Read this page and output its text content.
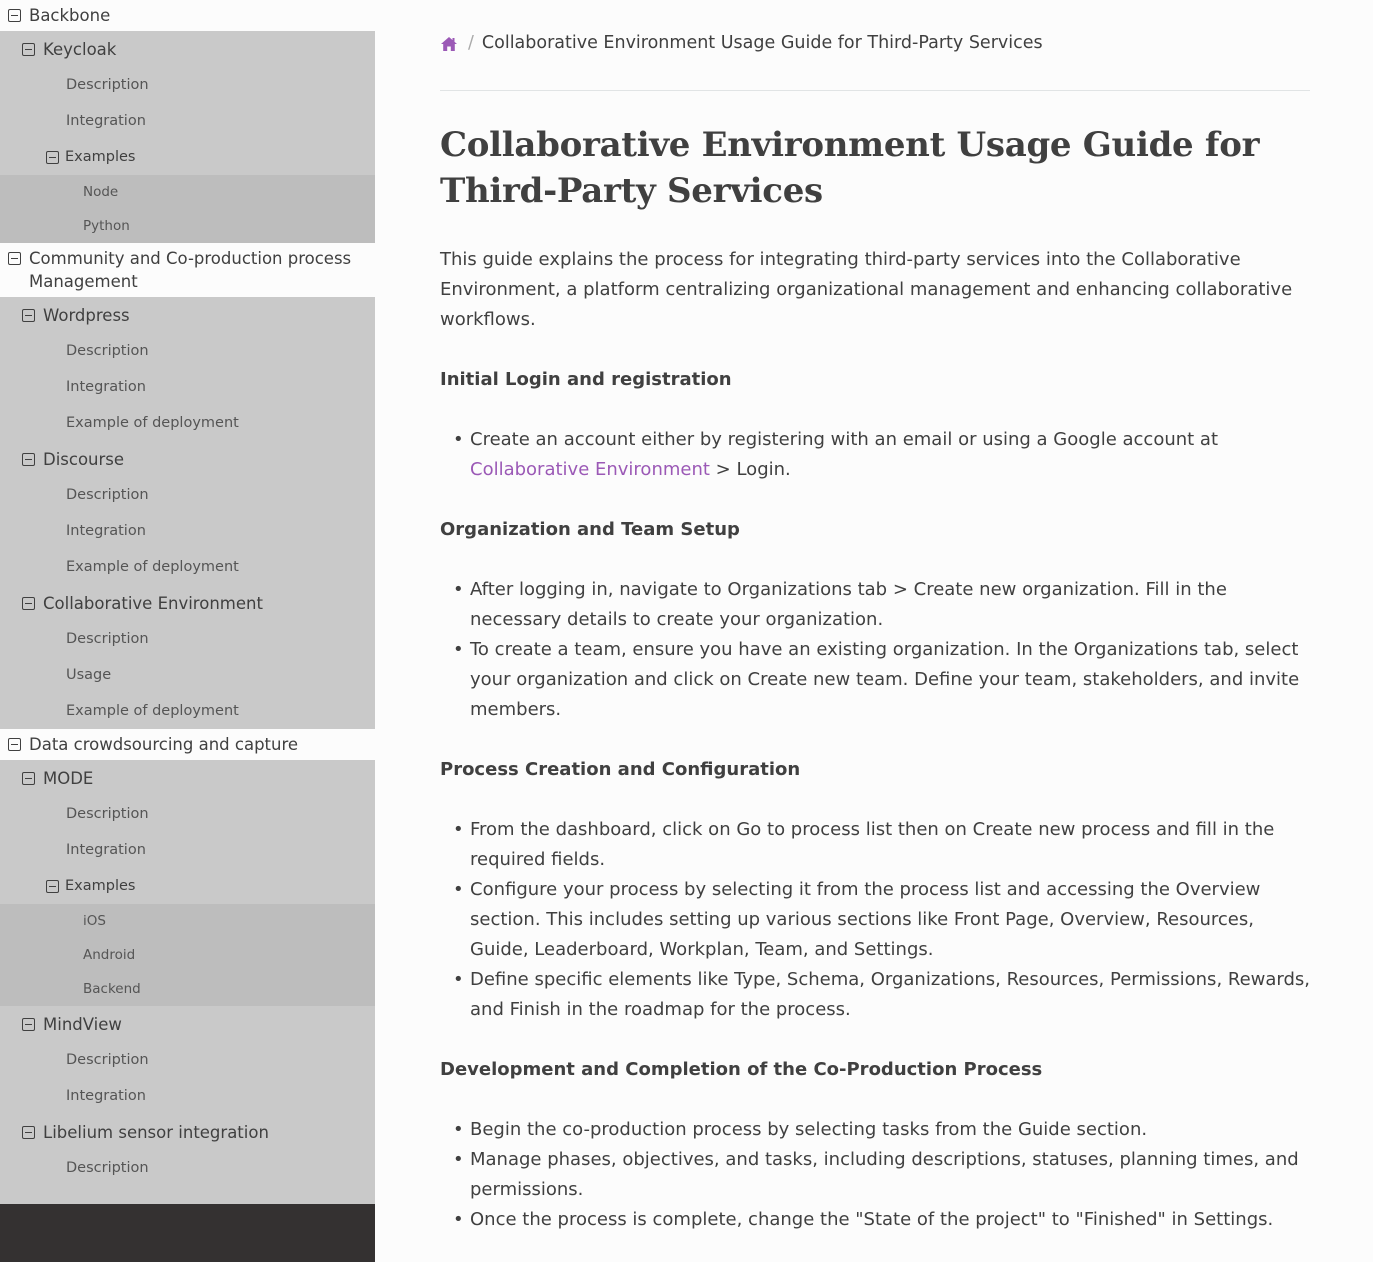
Backbone
Keycloak
Description
Integration
Examples
Node
Python
Community and Co-production process Management
Wordpress
Description
Integration
Example of deployment
Discourse
Description
Integration
Example of deployment
Collaborative Environment
Description
Usage
Example of deployment
Data crowdsourcing and capture
MODE
Description
Integration
Examples
iOS
Android
Backend
MindView
Description
Integration
Libelium sensor integration
Description
/ Collaborative Environment Usage Guide for Third-Party Services
Collaborative Environment Usage Guide for Third-Party Services

This guide explains the process for integrating third-party services into the Collaborative Environment, a platform centralizing organizational management and enhancing collaborative workflows.

Initial Login and registration
• Create an account either by registering with an email or using a Google account at Collaborative Environment > Login.
Organization and Team Setup
• After logging in, navigate to Organizations tab > Create new organization. Fill in the necessary details to create your organization.
• To create a team, ensure you have an existing organization. In the Organizations tab, select your organization and click on Create new team. Define your team, stakeholders, and invite members.
Process Creation and Configuration
• From the dashboard, click on Go to process list then on Create new process and fill in the required fields.
• Configure your process by selecting it from the process list and accessing the Overview section. This includes setting up various sections like Front Page, Overview, Resources, Guide, Leaderboard, Workplan, Team, and Settings.
• Define specific elements like Type, Schema, Organizations, Resources, Permissions, Rewards, and Finish in the roadmap for the process.
Development and Completion of the Co-Production Process
• Begin the co-production process by selecting tasks from the Guide section.
• Manage phases, objectives, and tasks, including descriptions, statuses, planning times, and permissions.
• Once the process is complete, change the "State of the project" to "Finished" in Settings.
